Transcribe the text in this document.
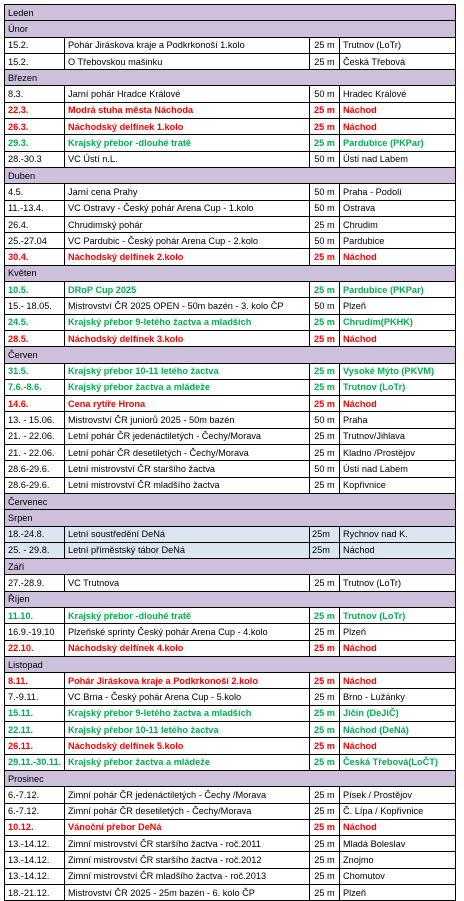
Leden			
Únor			
15.2.	Pohár Jiráskova kraje a Podkrkonoší 1.kolo	25 m	Trutnov (LoTr)
15.2.	O Třebovskou mašinku	25 m	Česká Třebová
Březen			
8.3.	Jarní pohár Hradce Králové	50 m	Hradec Králové
22.3.	Modrá stuha města Náchoda	25 m	Náchod
26.3.	Náchodský delfínek 1.kolo	25 m	Náchod
29.3.	Krajský přebor -dlouhé tratě	25 m	Pardubice (PKPar)
28.-30.3	VC Ústí n.L.	50 m	Ústí nad Labem
Duben			
4.5.	Jarní cena Prahy	50 m	Praha - Podolí
11.-13.4.	VC Ostravy - Český pohár Arena Cup - 1.kolo	50 m	Ostrava
26.4.	Chrudimský pohár	25 m	Chrudim
25.-27.04	VC Pardubic - Český pohár Arena Cup - 2.kolo	50 m	Pardubice
30.4.	Náchodský delfínek 2.kolo	25 m	Náchod
Květen			
10.5.	DRoP Cup 2025	25 m	Pardubice (PKPar)
15.- 18.05.	Mistrovství ČR 2025 OPEN - 50m bazén - 3. kolo ČP	50 m	Plzeň
24.5.	Krajský přebor 9-letého žactva a mladších	25 m	Chrudim(PKHK)
28.5.	Náchodský delfínek 3.kolo	25 m	Náchod
Červen			
31.5.	Krajský přebor 10-11 letého žactva	25 m	Vysoké Mýto (PKVM)
7.6.-8.6.	Krajský přebor žactva a mládeže	25 m	Trutnov (LoTr)
14.6.	Cena rytíře Hrona	25 m	Náchod
13. - 15.06.	Mistrovství ČR juniorů 2025 - 50m bazén	50 m	Praha
21. - 22.06.	Letní pohár ČR jedenáctiletých - Čechy/Morava	25 m	Trutnov/Jihlava
21. - 22.06.	Letní pohár ČR desetiletých - Čechy/Morava	25 m	Kladno /Prostějov
28.6-29.6.	Letní mistrovství ČR staršího žactva	50 m	Ústí nad Labem
28.6-29.6.	Letní mistrovství ČR mladšího žactva	25 m	Kopřivnice
Červenec			
Srpen			
18.-24.8.	Letní soustředění DeNá	25m	Rychnov nad K.
25. - 29.8.	Letní příměstský tábor DeNá	25m	Náchod
Září			
27.-28.9.	VC Trutnova	25 m	Trutnov (LoTr)
Říjen			
11.10.	Krajský přebor -dlouhé tratě	25 m	Trutnov (LoTr)
16.9.-19.10	Plzeňské sprinty Český pohár Arena Cup - 4.kolo	25 m	Plzeň
22.10.	Náchodský delfínek 4.kolo	25 m	Náchod
Listopad			
8.11.	Pohár Jiráskova kraje a Podkrkonoší 2.kolo	25 m	Náchod
7.-9.11.	VC Brna - Český pohár Arena Cup - 5.kolo	25 m	Brno - Lužánky
15.11.	Krajský přebor 9-letého žactva a mladších	25 m	Jičín (DeJiČ)
22.11.	Krajský přebor 10-11 letého žactva	25 m	Náchod (DeNá)
26.11.	Náchodský delfínek 5.kolo	25 m	Náchod
29.11.-30.11.	Krajský přebor žactva a mládeže	25 m	Česká Třebová(LoČT)
Prosinec			
6.-7.12.	Zimní pohár ČR jedenáctiletých - Čechy /Morava	25 m	Písek / Prostějov
6.-7.12.	Zimní pohár ČR desetiletých - Čechy/Morava	25 m	Č. Lípa / Kopřivnice
10.12.	Vánoční přebor DeNá	25 m	Náchod
13.-14.12.	Zimní mistrovství ČR staršího žactva - roč.2011	25 m	Mladá Boleslav
13.-14.12.	Zimní mistrovství ČR staršího žactva - roč.2012	25 m	Znojmo
13.-14.12.	Zimní mistrovství ČR mladšího žactva - roč.2013	25 m	Chomutov
18.-21.12.	Mistrovství ČR 2025 - 25m bazén - 6. kolo ČP	25 m	Plzeň
